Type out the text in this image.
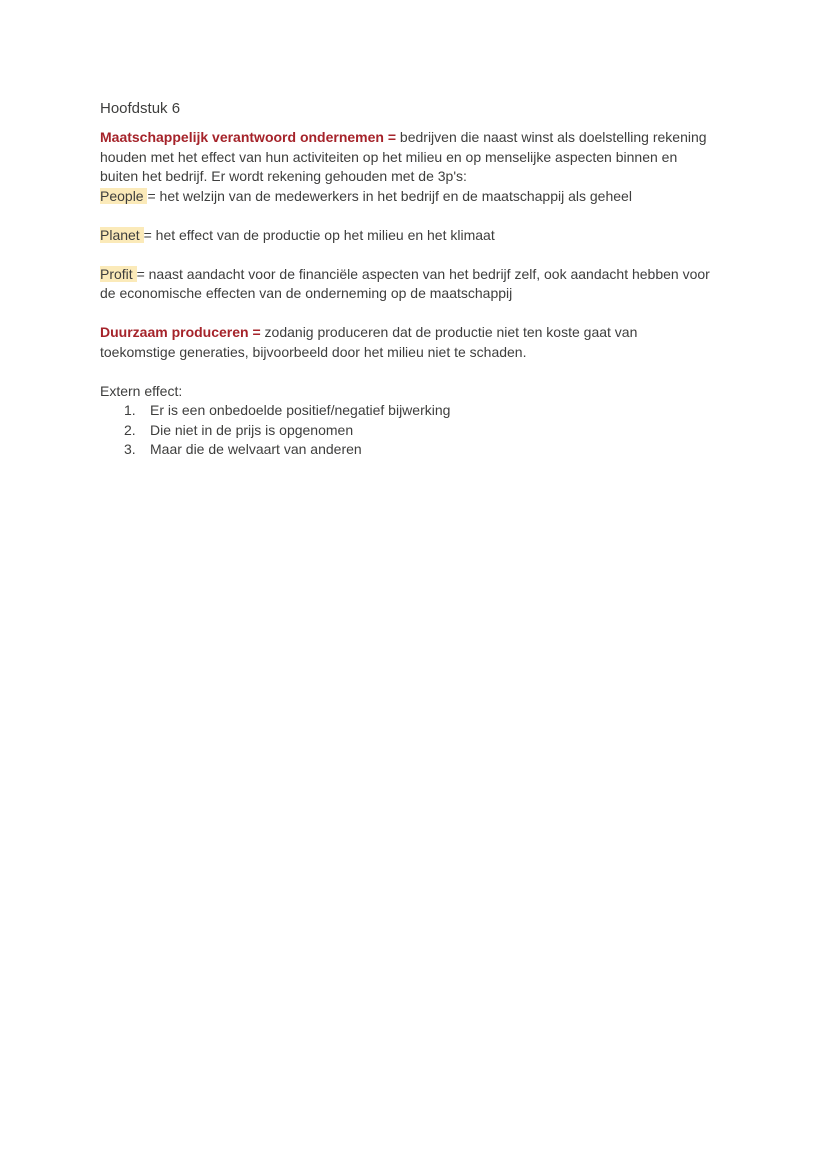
Hoofdstuk 6

Maatschappelijk verantwoord ondernemen = bedrijven die naast winst als doelstelling rekening houden met het effect van hun activiteiten op het milieu en op menselijke aspecten binnen en buiten het bedrijf. Er wordt rekening gehouden met de 3p's:

People = het welzijn van de medewerkers in het bedrijf en de maatschappij als geheel

Planet = het effect van de productie op het milieu en het klimaat

Profit = naast aandacht voor de financiële aspecten van het bedrijf zelf, ook aandacht hebben voor de economische effecten van de onderneming op de maatschappij

Duurzaam produceren = zodanig produceren dat de productie niet ten koste gaat van toekomstige generaties, bijvoorbeeld door het milieu niet te schaden.

Extern effect:

1.	Er is een onbedoelde positief/negatief bijwerking
2.	Die niet in de prijs is opgenomen
3.	Maar die de welvaart van anderen
